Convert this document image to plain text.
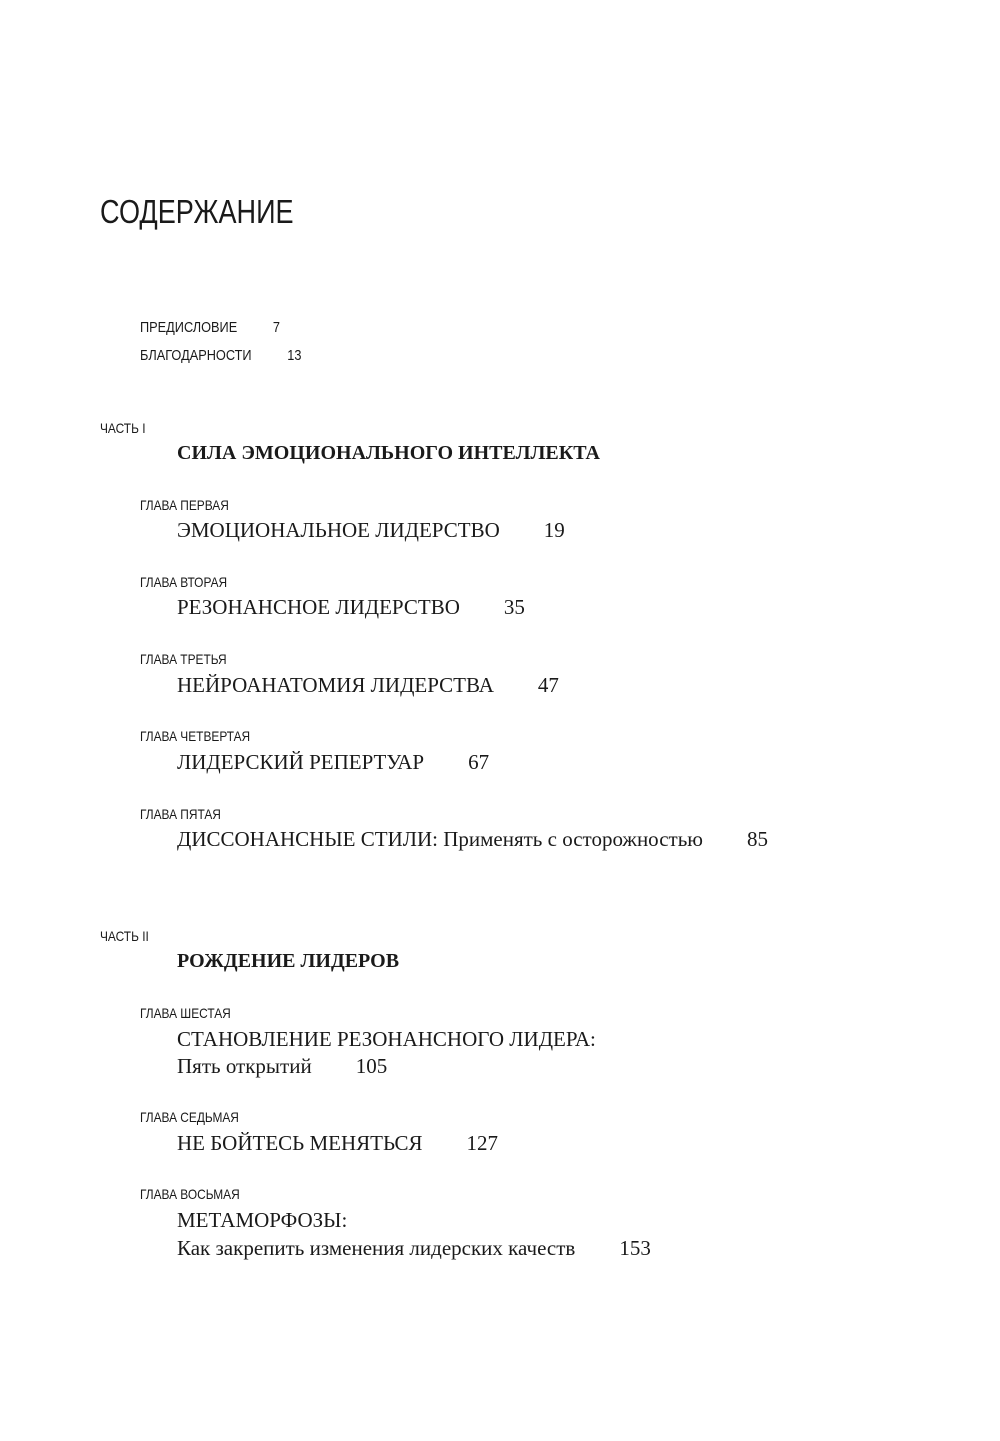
СОДЕРЖАНИЕ
ПРЕДИСЛОВИЕ 7
БЛАГОДАРНОСТИ 13
ЧАСТЬ I
СИЛА ЭМОЦИОНАЛЬНОГО ИНТЕЛЛЕКТА
ГЛАВА ПЕРВАЯ
ЭМОЦИОНАЛЬНОЕ ЛИДЕРСТВО 19
ГЛАВА ВТОРАЯ
РЕЗОНАНСНОЕ ЛИДЕРСТВО 35
ГЛАВА ТРЕТЬЯ
НЕЙРОАНАТОМИЯ ЛИДЕРСТВА 47
ГЛАВА ЧЕТВЕРТАЯ
ЛИДЕРСКИЙ РЕПЕРТУАР 67
ГЛАВА ПЯТАЯ
ДИССОНАНСНЫЕ СТИЛИ: Применять с осторожностью 85
ЧАСТЬ II
РОЖДЕНИЕ ЛИДЕРОВ
ГЛАВА ШЕСТАЯ
СТАНОВЛЕНИЕ РЕЗОНАНСНОГО ЛИДЕРА:
Пять открытий 105
ГЛАВА СЕДЬМАЯ
НЕ БОЙТЕСЬ МЕНЯТЬСЯ 127
ГЛАВА ВОСЬМАЯ
МЕТАМОРФОЗЫ:
Как закрепить изменения лидерских качеств 153
